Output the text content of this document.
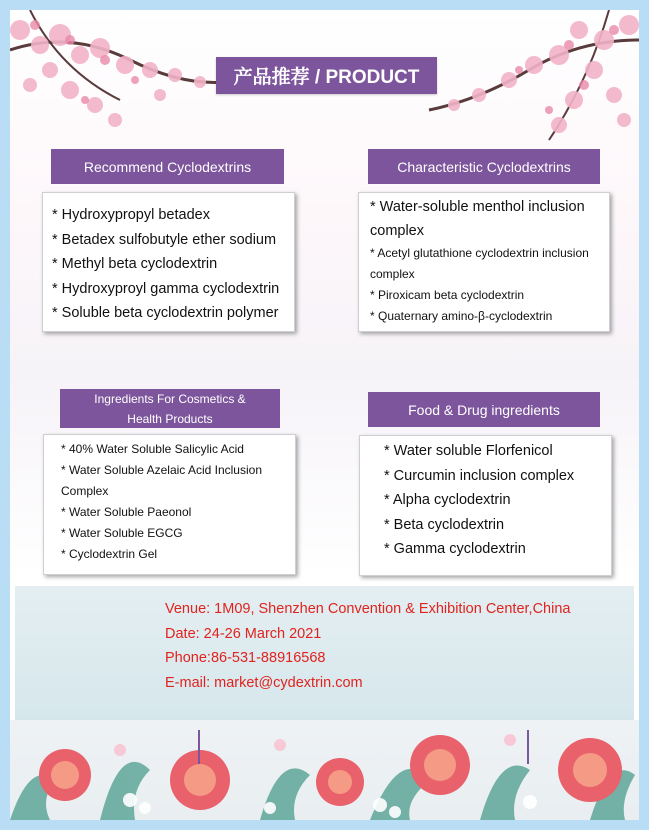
产品推荐 / PRODUCT
Recommend Cyclodextrins
* Hydroxypropyl betadex
* Betadex sulfobutyle ether sodium
* Methyl beta cyclodextrin
* Hydroxyproyl gamma cyclodextrin
* Soluble beta cyclodextrin polymer
Characteristic Cyclodextrins
* Water-soluble menthol inclusion complex
* Acetyl glutathione cyclodextrin inclusion complex
* Piroxicam beta cyclodextrin
* Quaternary amino-β-cyclodextrin
Ingredients For Cosmetics & Health Products
* 40% Water Soluble Salicylic Acid
* Water Soluble Azelaic Acid Inclusion Complex
* Water Soluble Paeonol
* Water Soluble EGCG
* Cyclodextrin Gel
Food & Drug ingredients
* Water soluble Florfenicol
* Curcumin inclusion complex
* Alpha cyclodextrin
* Beta cyclodextrin
* Gamma cyclodextrin
Venue: 1M09, Shenzhen Convention & Exhibition Center,China
Date: 24-26 March 2021
Phone:86-531-88916568
E-mail: market@cydextrin.com
